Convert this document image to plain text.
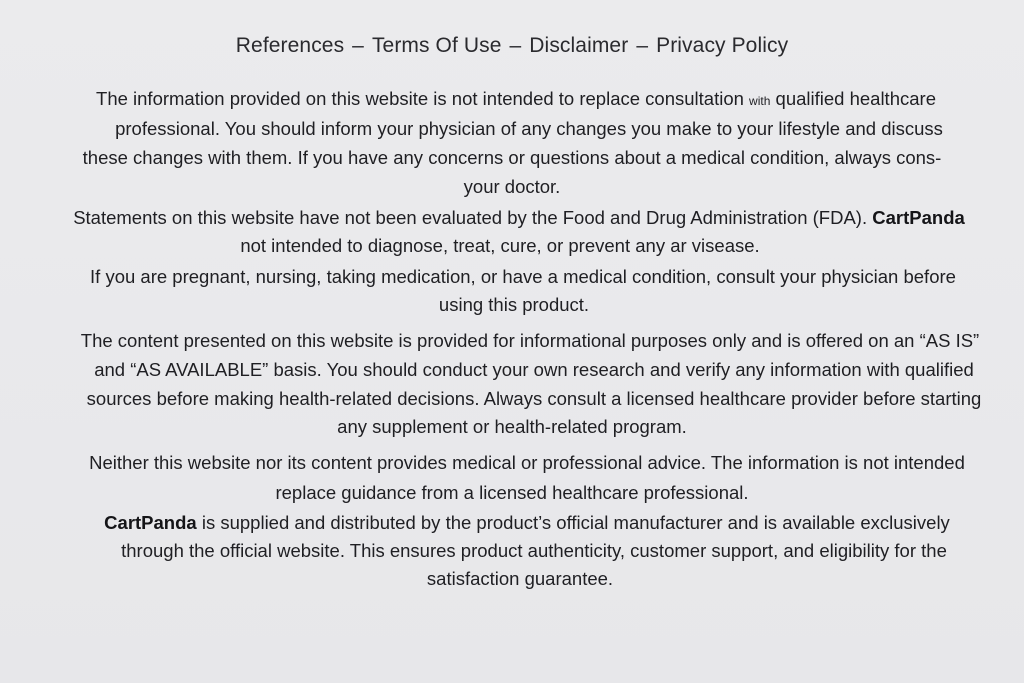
References – Terms Of Use – Disclaimer – Privacy Policy
The information provided on this website is not intended to replace consultation with qualified healthcare
professional. You should inform your physician of any changes you make to your lifestyle and discuss
these changes with them. If you have any concerns or questions about a medical condition, always cons-
your doctor.
Statements on this website have not been evaluated by the Food and Drug Administration (FDA). CartPanda
not intended to diagnose, treat, cure, or prevent any ar visease.
If you are pregnant, nursing, taking medication, or have a medical condition, consult your physician before
using this product.
The content presented on this website is provided for informational purposes only and is offered on an “AS IS”
and “AS AVAILABLE” basis. You should conduct your own research and verify any information with qualified
sources before making health-related decisions. Always consult a licensed healthcare provider before starting
any supplement or health-related program.
Neither this website nor its content provides medical or professional advice. The information is not intended
replace guidance from a licensed healthcare professional.
CartPanda is supplied and distributed by the product’s official manufacturer and is available exclusively
through the official website. This ensures product authenticity, customer support, and eligibility for the
satisfaction guarantee.
